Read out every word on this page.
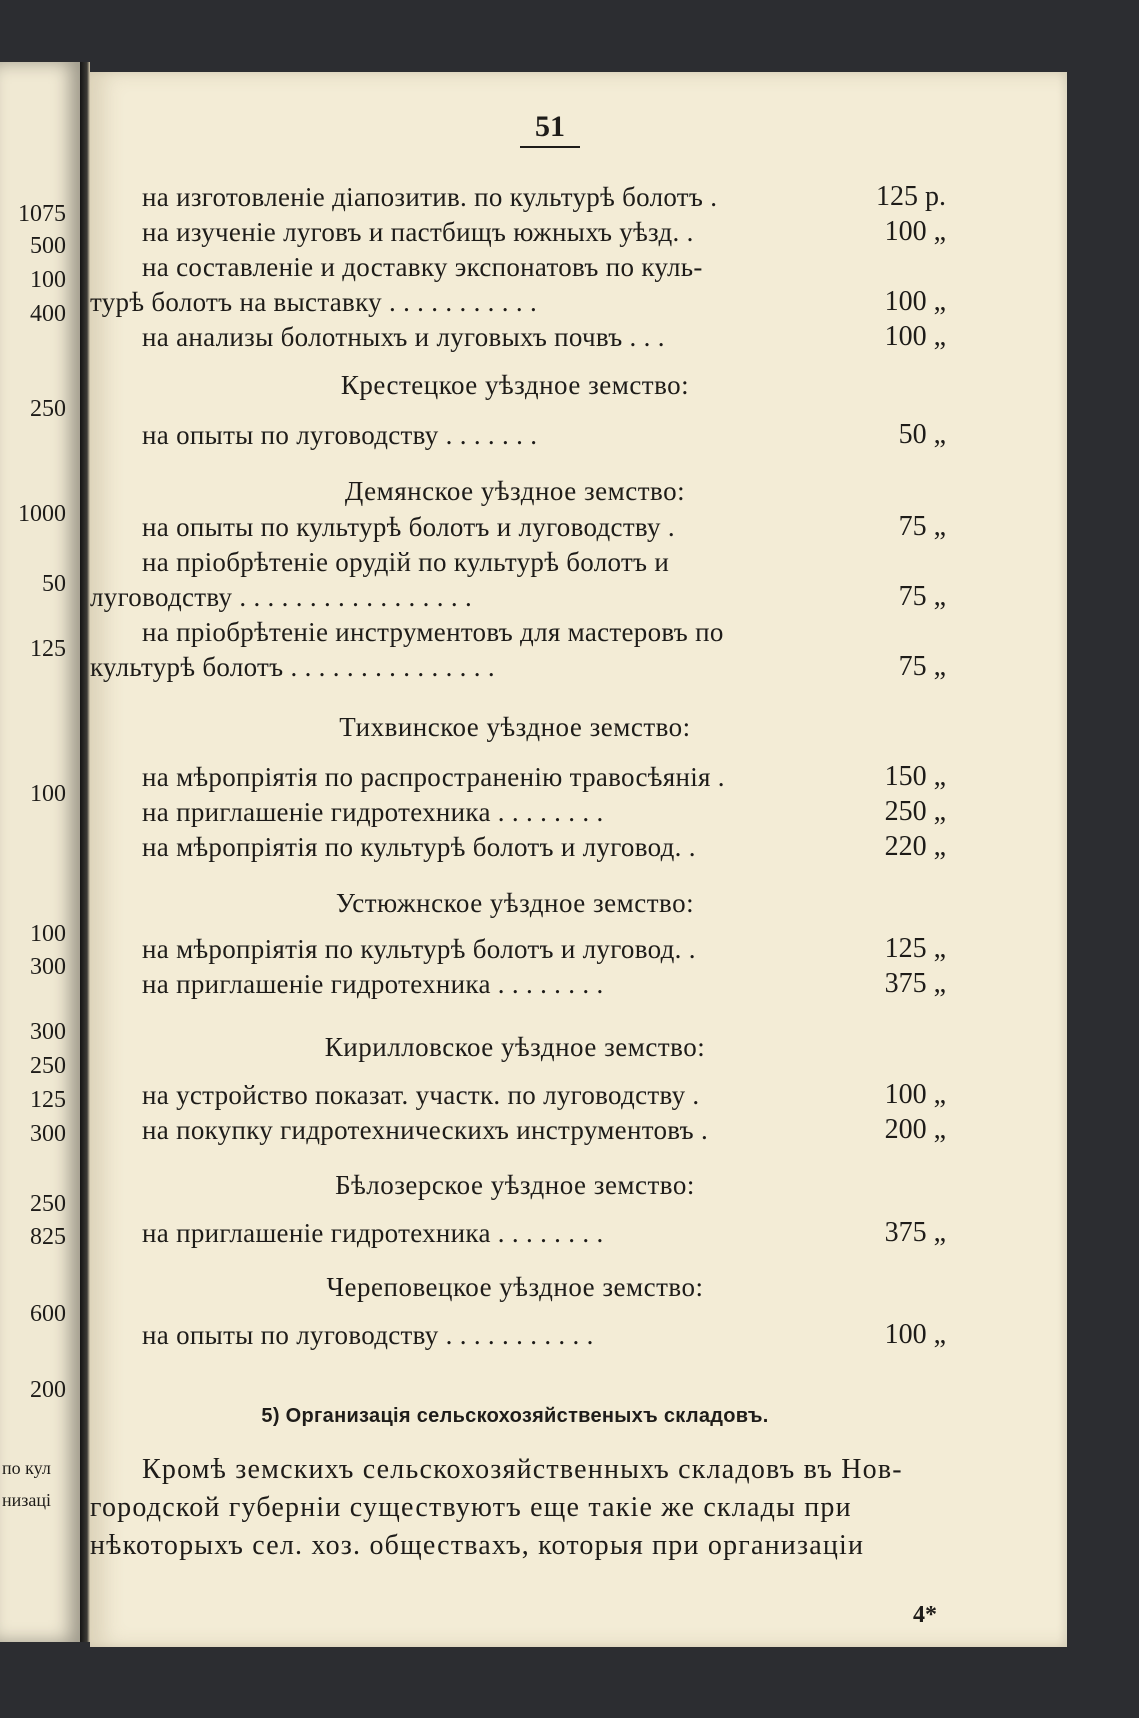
1075
500
100
400
250
1000
50
125
100
100
300
300
250
125
300
250
825
600
200
по кул
низаці
51
на изготовленіе діапозитив. по культурѣ болотъ .	125 р.
на изученіе луговъ и пастбищъ южныхъ уѣзд. .	100 „
на составленіе и доставку экспонатовъ по куль-
турѣ болотъ на выставку . . . . . . . . . . .	100 „
на анализы болотныхъ и луговыхъ почвъ . . .	100 „
Крестецкое уѣздное земство:
на опыты по луговодству . . . . . . .	50 „
Демянское уѣздное земство:
на опыты по культурѣ болотъ и луговодству .	75 „
на пріобрѣтеніе орудій по культурѣ болотъ и
луговодству . . . . . . . . . . . . . . . . .	75 „
на пріобрѣтеніе инструментовъ для мастеровъ по
культурѣ болотъ . . . . . . . . . . . . . . .	75 „
Тихвинское уѣздное земство:
на мѣропріятія по распространенію травосѣянія .	150 „
на приглашеніе гидротехника . . . . . . . .	250 „
на мѣропріятія по культурѣ болотъ и луговод. .	220 „
Устюжнское уѣздное земство:
на мѣропріятія по культурѣ болотъ и луговод. .	125 „
на приглашеніе гидротехника . . . . . . . .	375 „
Кирилловское уѣздное земство:
на устройство показат. участк. по луговодству .	100 „
на покупку гидротехническихъ инструментовъ .	200 „
Бѣлозерское уѣздное земство:
на приглашеніе гидротехника . . . . . . . .	375 „
Череповецкое уѣздное земство:
на опыты по луговодству . . . . . . . . . . .	100 „
5) Организація сельскохозяйственыхъ складовъ.
Кромѣ земскихъ сельскохозяйственныхъ складовъ въ Нов-
городской губерніи существуютъ еще такіе же склады при
нѣкоторыхъ сел. хоз. обществахъ, которыя при организаціи
4*
